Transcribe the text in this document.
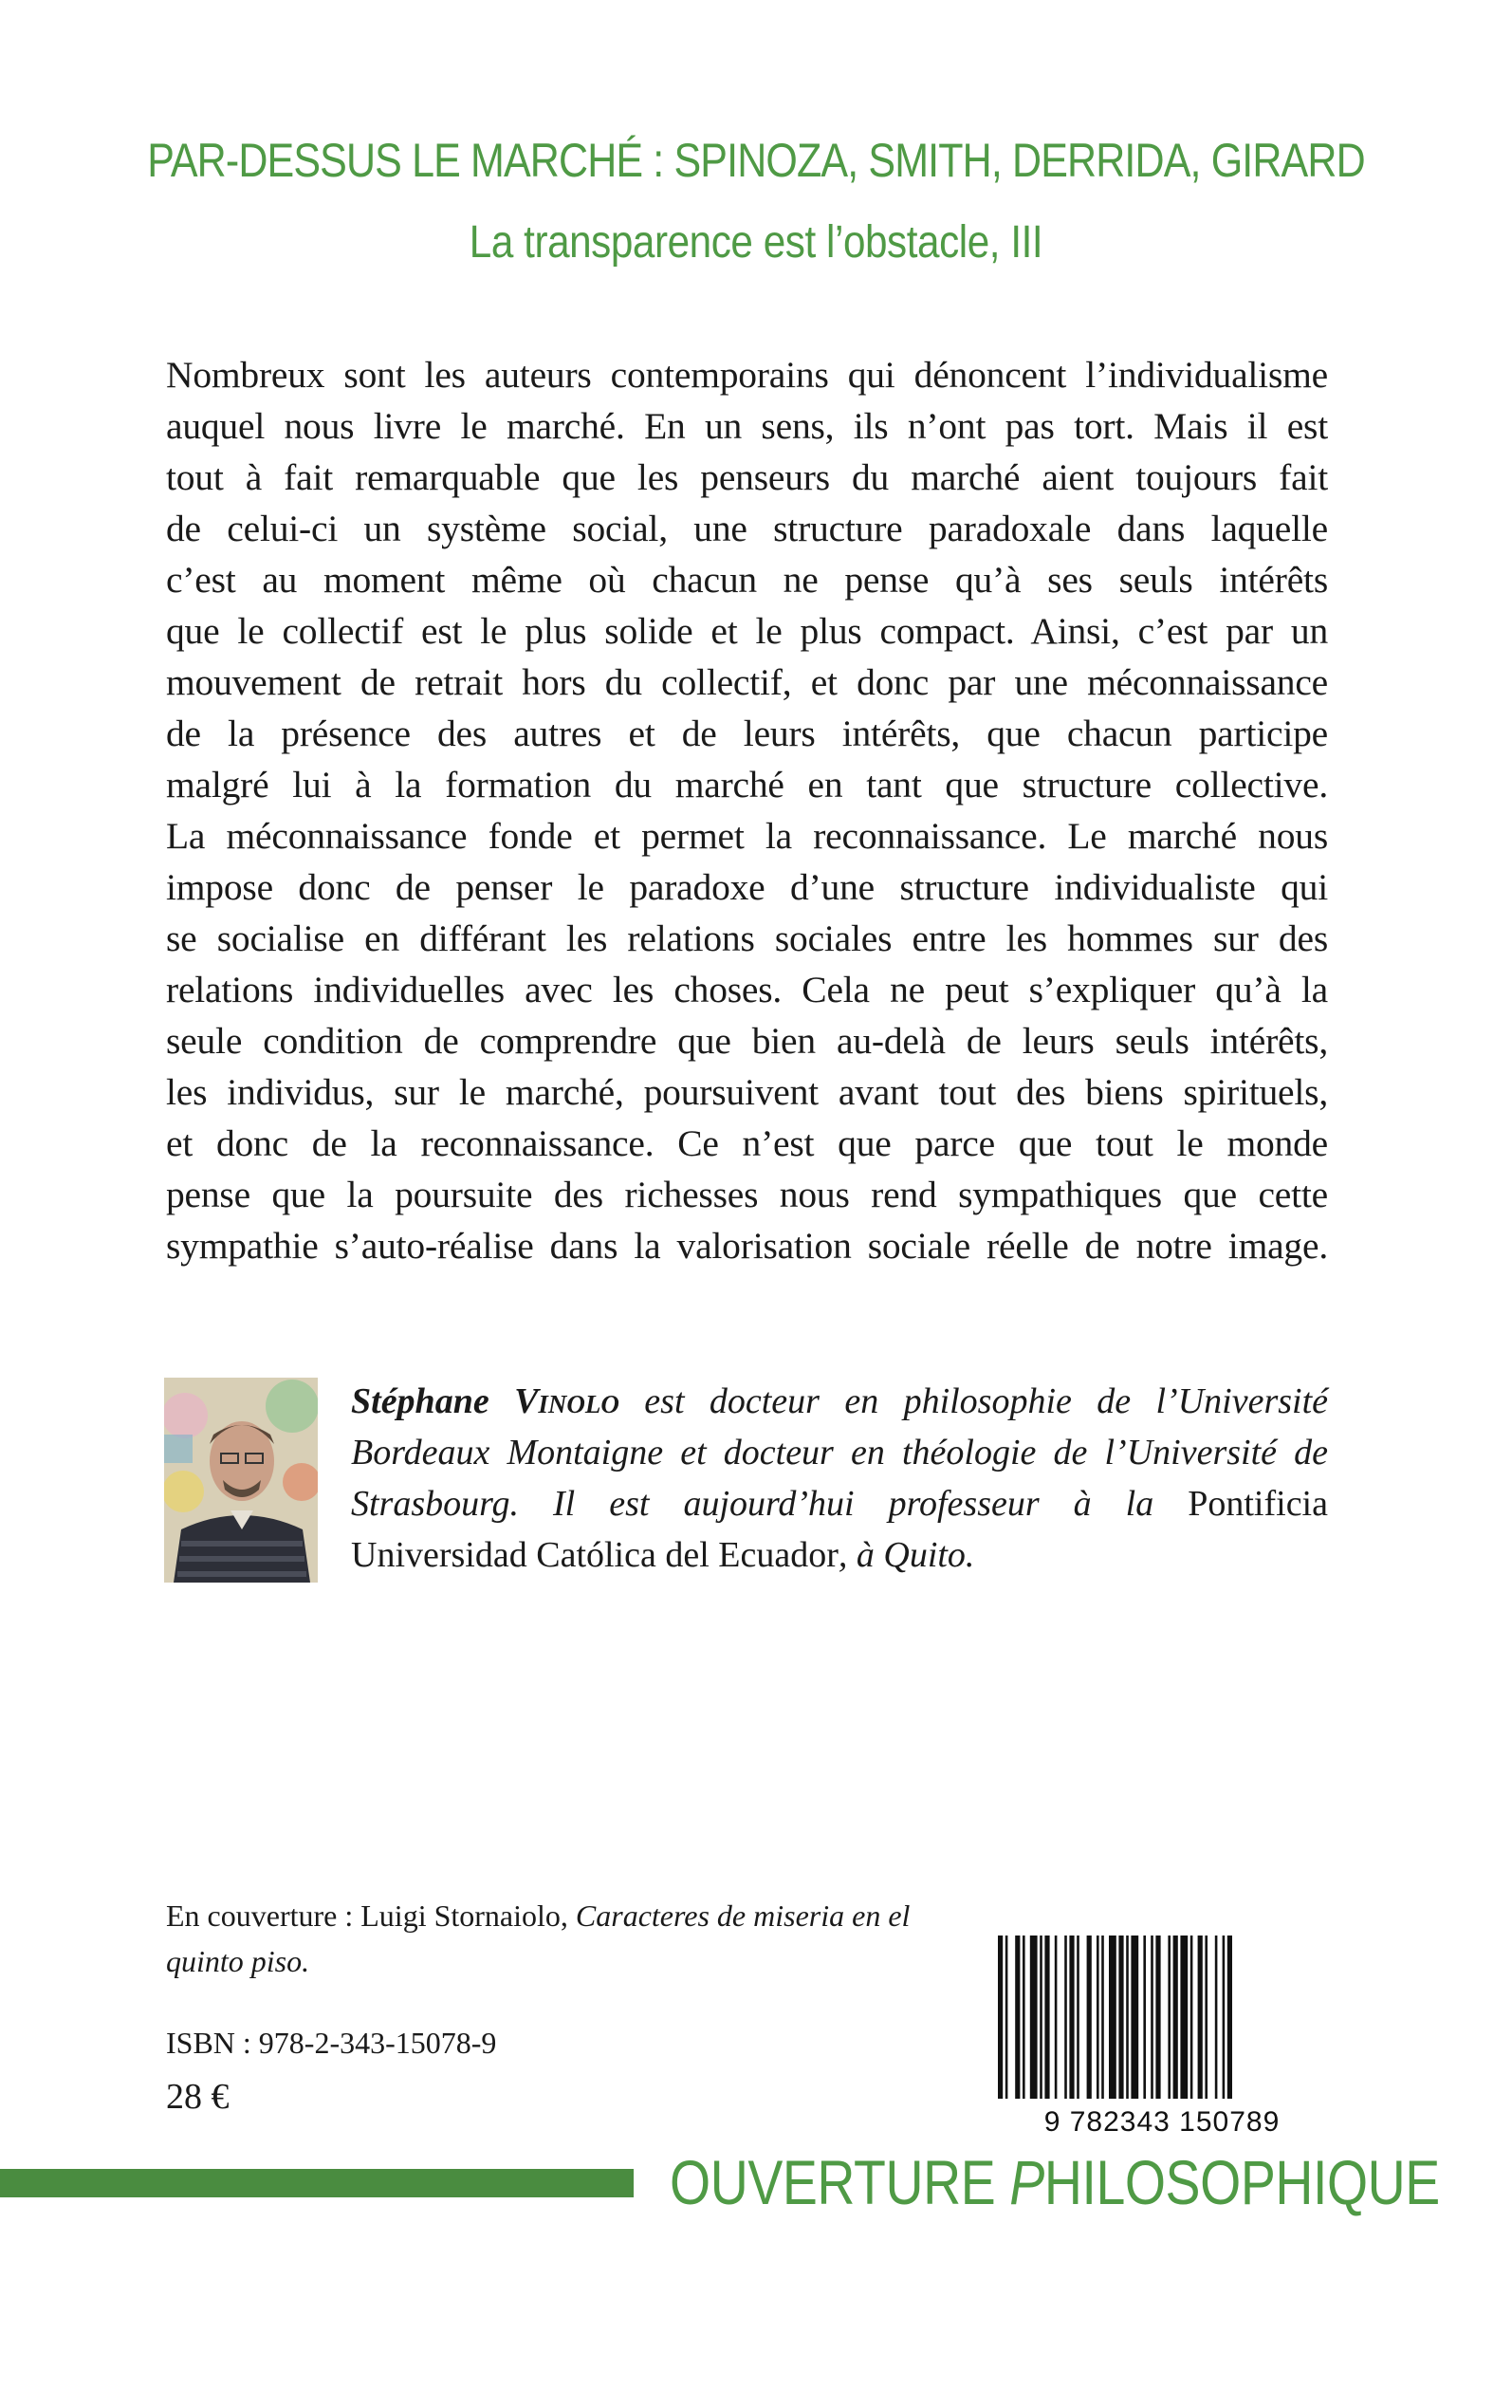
PAR-DESSUS LE MARCHÉ : SPINOZA, SMITH, DERRIDA, GIRARD
La transparence est l’obstacle, III

Nombreux sont les auteurs contemporains qui dénoncent l’individualisme

auquel nous livre le marché. En un sens, ils n’ont pas tort. Mais il est

tout à fait remarquable que les penseurs du marché aient toujours fait

de celui-ci un système social, une structure paradoxale dans laquelle

c’est au moment même où chacun ne pense qu’à ses seuls intérêts

que le collectif est le plus solide et le plus compact. Ainsi, c’est par un

mouvement de retrait hors du collectif, et donc par une méconnaissance

de la présence des autres et de leurs intérêts, que chacun participe

malgré lui à la formation du marché en tant que structure collective.

La méconnaissance fonde et permet la reconnaissance. Le marché nous

impose donc de penser le paradoxe d’une structure individualiste qui

se socialise en différant les relations sociales entre les hommes sur des

relations individuelles avec les choses. Cela ne peut s’expliquer qu’à la

seule condition de comprendre que bien au-delà de leurs seuls intérêts,

les individus, sur le marché, poursuivent avant tout des biens spirituels,

et donc de la reconnaissance. Ce n’est que parce que tout le monde

pense que la poursuite des richesses nous rend sympathiques que cette

sympathie s’auto-réalise dans la valorisation sociale réelle de notre image.

Stéphane Vinolo est docteur en philosophie de l’Université Bordeaux Montaigne et docteur en théologie de l’Université de Strasbourg. Il est aujourd’hui professeur à la Pontificia Universidad Católica del Ecuador, à Quito.

En couverture : Luigi Stornaiolo, Caracteres de miseria en el quinto piso.

ISBN : 978-2-343-15078-9

28 €

9 782343 150789

OUVERTURE PHILOSOPHIQUE
